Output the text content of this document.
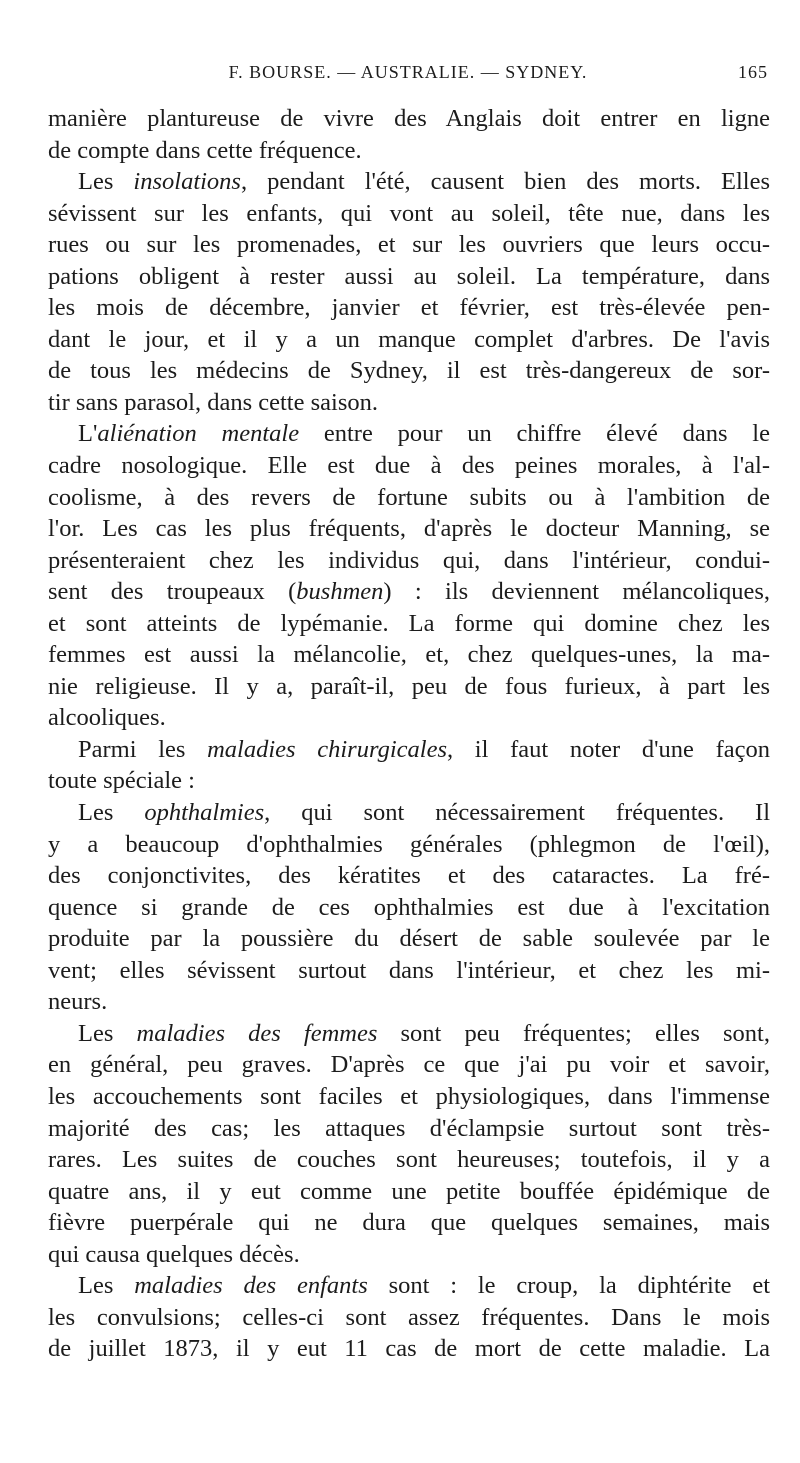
F. BOURSE. — AUSTRALIE. — SYDNEY.	165
manière plantureuse de vivre des Anglais doit entrer en ligne
de compte dans cette fréquence.
Les insolations, pendant l'été, causent bien des morts. Elles
sévissent sur les enfants, qui vont au soleil, tête nue, dans les
rues ou sur les promenades, et sur les ouvriers que leurs occu-
pations obligent à rester aussi au soleil. La température, dans
les mois de décembre, janvier et février, est très-élevée pen-
dant le jour, et il y a un manque complet d'arbres. De l'avis
de tous les médecins de Sydney, il est très-dangereux de sor-
tir sans parasol, dans cette saison.
L'aliénation mentale entre pour un chiffre élevé dans le
cadre nosologique. Elle est due à des peines morales, à l'al-
coolisme, à des revers de fortune subits ou à l'ambition de
l'or. Les cas les plus fréquents, d'après le docteur Manning, se
présenteraient chez les individus qui, dans l'intérieur, condui-
sent des troupeaux (bushmen) : ils deviennent mélancoliques,
et sont atteints de lypémanie. La forme qui domine chez les
femmes est aussi la mélancolie, et, chez quelques-unes, la ma-
nie religieuse. Il y a, paraît-il, peu de fous furieux, à part les
alcooliques.
Parmi les maladies chirurgicales, il faut noter d'une façon
toute spéciale :
Les ophthalmies, qui sont nécessairement fréquentes. Il
y a beaucoup d'ophthalmies générales (phlegmon de l'œil),
des conjonctivites, des kératites et des cataractes. La fré-
quence si grande de ces ophthalmies est due à l'excitation
produite par la poussière du désert de sable soulevée par le
vent; elles sévissent surtout dans l'intérieur, et chez les mi-
neurs.
Les maladies des femmes sont peu fréquentes; elles sont,
en général, peu graves. D'après ce que j'ai pu voir et savoir,
les accouchements sont faciles et physiologiques, dans l'immense
majorité des cas; les attaques d'éclampsie surtout sont très-
rares. Les suites de couches sont heureuses; toutefois, il y a
quatre ans, il y eut comme une petite bouffée épidémique de
fièvre puerpérale qui ne dura que quelques semaines, mais
qui causa quelques décès.
Les maladies des enfants sont : le croup, la diphtérite et
les convulsions; celles-ci sont assez fréquentes. Dans le mois
de juillet 1873, il y eut 11 cas de mort de cette maladie. La
